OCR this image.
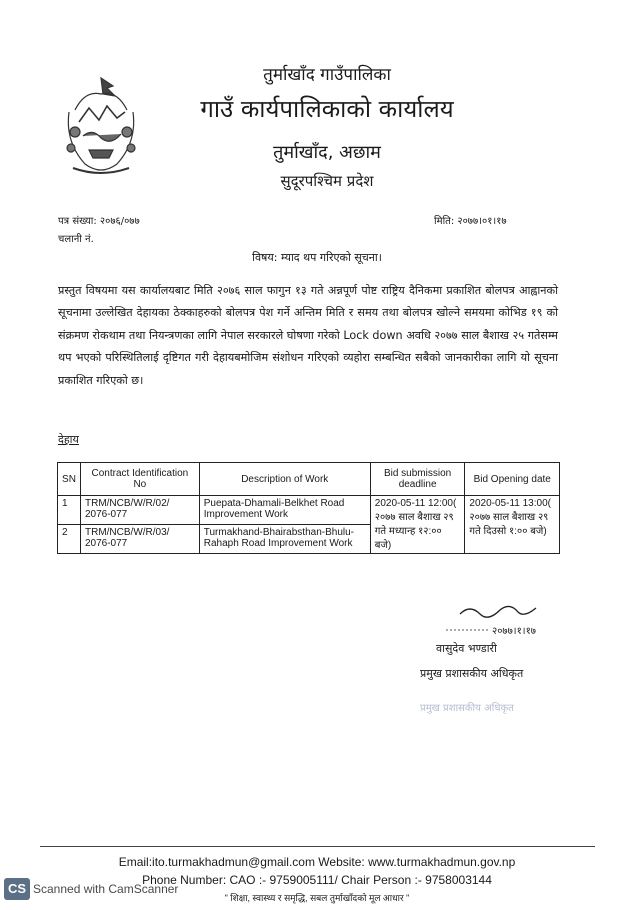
तुर्माखाँद गाउँपालिका
गाउँ कार्यपालिकाको कार्यालय
तुर्माखाँद, अछाम
सुदूरपश्चिम प्रदेश
पत्र संख्या: २०७६/०७७
चलानी नं.
मिति: २०७७।०१।१७
विषय: म्याद थप गरिएको सूचना।
प्रस्तुत विषयमा यस कार्यालयबाट मिति २०७६ साल फागुन १३ गते अन्नपूर्ण पोष्ट राष्ट्रिय दैनिकमा प्रकाशित बोलपत्र आह्वानको सूचनामा उल्लेखित देहायका ठेक्काहरुको बोलपत्र पेश गर्ने अन्तिम मिति र समय तथा बोलपत्र खोल्ने समयमा कोभिड १९ को संक्रमण रोकथाम तथा नियन्त्रणका लागि नेपाल सरकारले घोषणा गरेको Lock down अवधि २०७७ साल बैशाख २५ गतेसम्म थप भएको परिस्थितिलाई दृष्टिगत गरी देहायबमोजिम संशोधन गरिएको व्यहोरा सम्बन्धित सबैको जानकारीका लागि यो सूचना प्रकाशित गरिएको छ।
देहाय
SN	Contract Identification No	Description of Work	Bid submission deadline	Bid Opening date
1	TRM/NCB/W/R/02/ 2076-077	Puepata-Dhamali-Belkhet Road Improvement Work	2020-05-11 12:00( २०७७ साल बैशाख २९ गते मध्यान्ह १२:०० बजे)	2020-05-11 13:00( २०७७ साल बैशाख २९ गते दिउसो १:०० बजे)
2	TRM/NCB/W/R/03/ 2076-077	Turmakhand-Bhairabsthan-Bhulu-Rahaph Road Improvement Work		
२०७७।१।१७
वासुदेव भण्डारी
प्रमुख प्रशासकीय अधिकृत
प्रमुख प्रशासकीय अधिकृत
Email:ito.turmakhadmun@gmail.com Website: www.turmakhadmun.gov.np
Phone Number: CAO :- 9759005111/ Chair Person :- 9758003144
" शिक्षा, स्वास्थ्य र समृद्धि, सबल तुर्माखाँदको मूल आधार "
CS Scanned with CamScanner
